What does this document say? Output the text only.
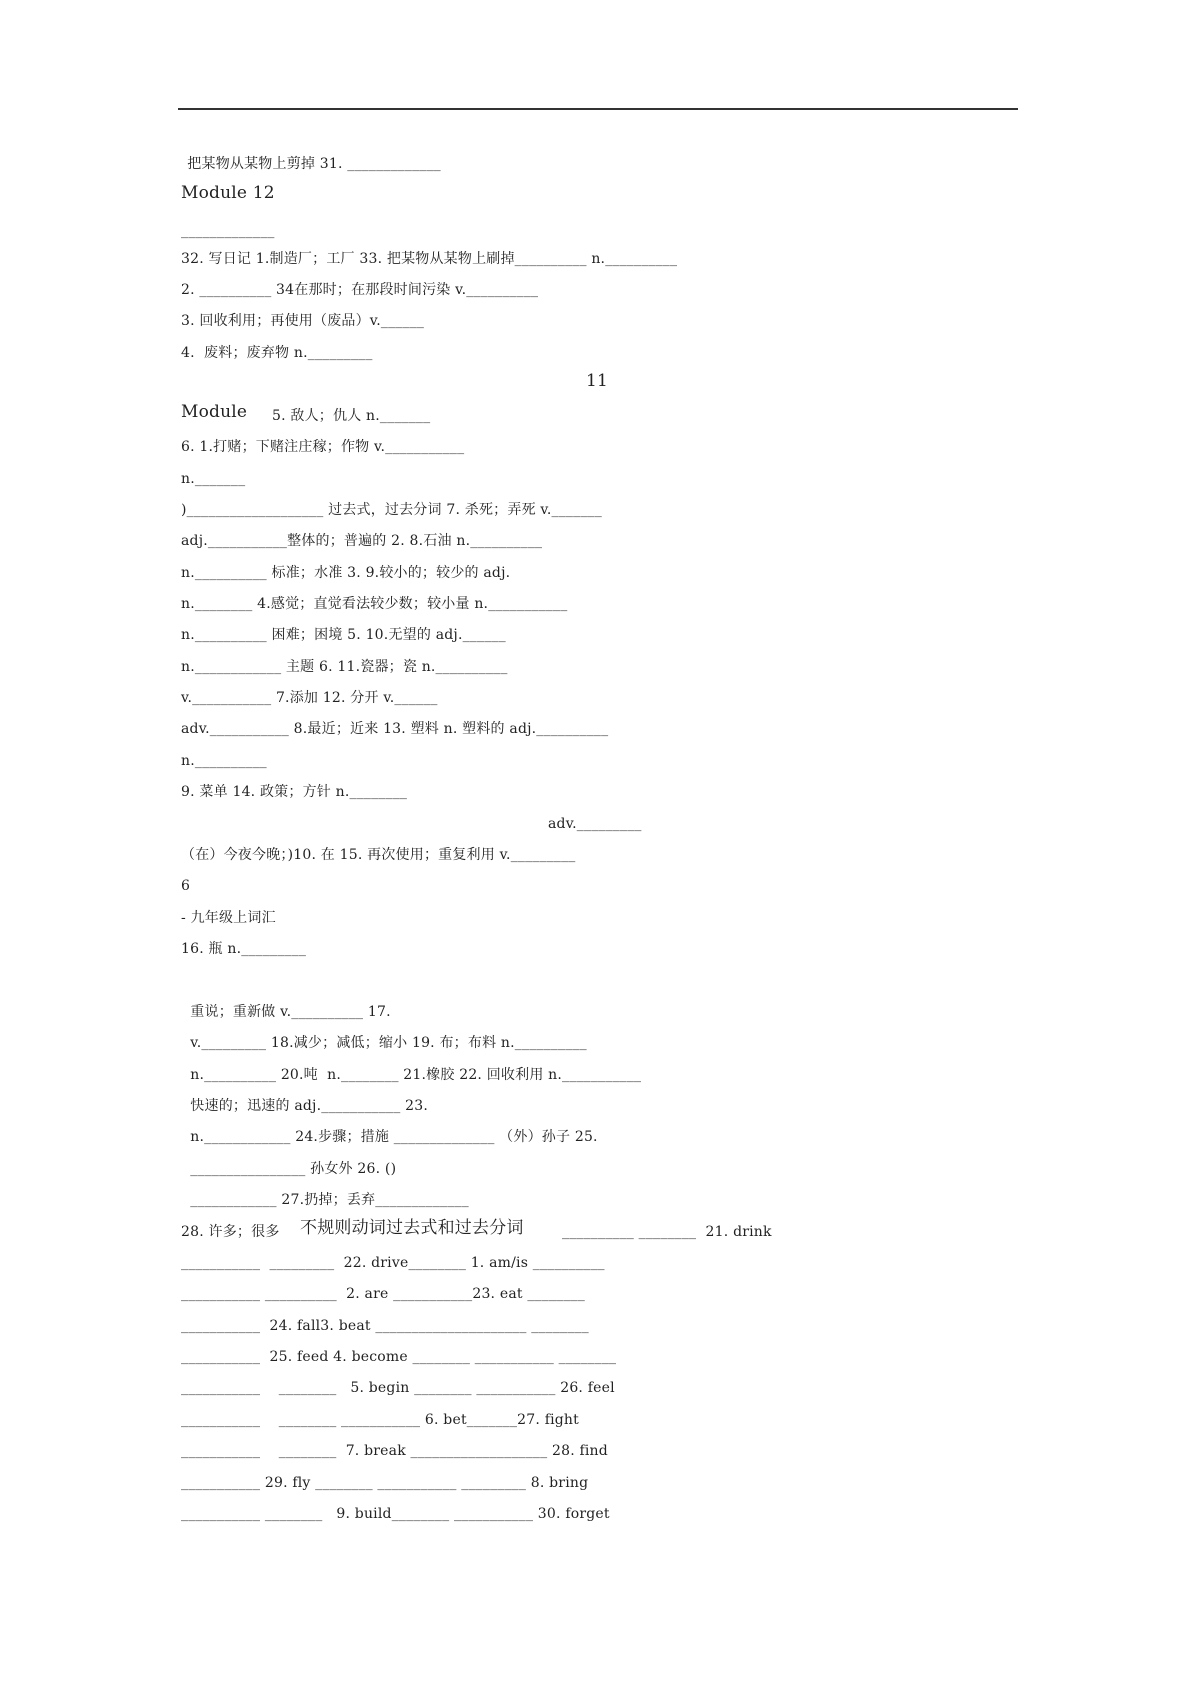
把某物从某物上剪掉 31. _____________
Module 12
_____________
32. 写日记 1.制造厂；工厂 33. 把某物从某物上刷掉__________ n.__________
2. __________ 34在那时；在那段时间污染 v.__________
3. 回收利用；再使用（废品）v.______
4.  废料；废弃物 n._________
11
Module 5. 敌人；仇人 n._______
6. 1.打赌；下赌注庄稼；作物 v.___________
n._______
)___________________ 过去式，过去分词 7. 杀死；弄死 v._______
adj.___________整体的；普遍的 2. 8.石油 n.__________
n.__________ 标准；水准 3. 9.较小的；较少的 adj.
n.________ 4.感觉；直觉看法较少数；较小量 n.___________
n.__________ 困难；困境 5. 10.无望的 adj.______
n.____________ 主题 6. 11.瓷器；瓷 n.__________
v.___________ 7.添加 12. 分开 v.______
adv.___________ 8.最近；近来 13. 塑料 n. 塑料的 adj.__________
n.__________
9. 菜单 14. 政策；方针 n.________
adv._________
（在）今夜今晚；)10. 在 15. 再次使用；重复利用 v._________
6
- 九年级上词汇
16. 瓶 n._________
重说；重新做 v.__________ 17.
v._________ 18.减少；减低；缩小 19. 布；布料 n.__________
n.__________ 20.吨  n.________ 21.橡胶 22. 回收利用 n.___________
快速的；迅速的 adj.___________ 23.
n.____________ 24.步骤；措施 ______________ （外）孙子 25.
________________ 孙女外 26. ()
____________ 27.扔掉；丢弃_____________
28. 许多；很多 不规则动词过去式和过去分词	__________ ________  21. drink
___________  _________  22. drive________ 1. am/is __________
___________ __________  2. are ___________23. eat ________
___________  24. fall3. beat _____________________ ________
___________  25. feed 4. become ________ ___________ ________
___________    ________   5. begin ________ ___________ 26. feel
___________    ________ ___________ 6. bet_______27. fight
___________    ________  7. break ___________________ 28. find
___________ 29. fly ________ ___________ _________ 8. bring
___________ ________   9. build________ ___________ 30. forget
